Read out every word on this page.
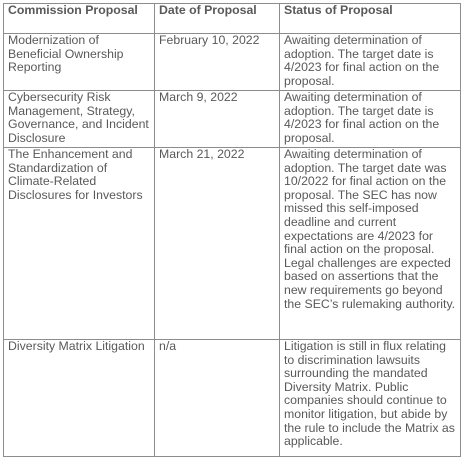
Commission Proposal	Date of Proposal	Status of Proposal
Modernization of Beneficial Ownership Reporting	February 10, 2022	Awaiting determination of adoption. The target date is 4/2023 for final action on the proposal.
Cybersecurity Risk Management, Strategy, Governance, and Incident Disclosure	March 9, 2022	Awaiting determination of adoption. The target date is 4/2023 for final action on the proposal.
The Enhancement and Standardization of Climate-Related Disclosures for Investors	March 21, 2022	Awaiting determination of adoption. The target date was 10/2022 for final action on the proposal. The SEC has now missed this self-imposed deadline and current expectations are 4/2023 for final action on the proposal. Legal challenges are expected based on assertions that the new requirements go beyond the SEC’s rulemaking authority.
Diversity Matrix Litigation	n/a	Litigation is still in flux relating to discrimination lawsuits surrounding the mandated Diversity Matrix. Public companies should continue to monitor litigation, but abide by the rule to include the Matrix as applicable.
